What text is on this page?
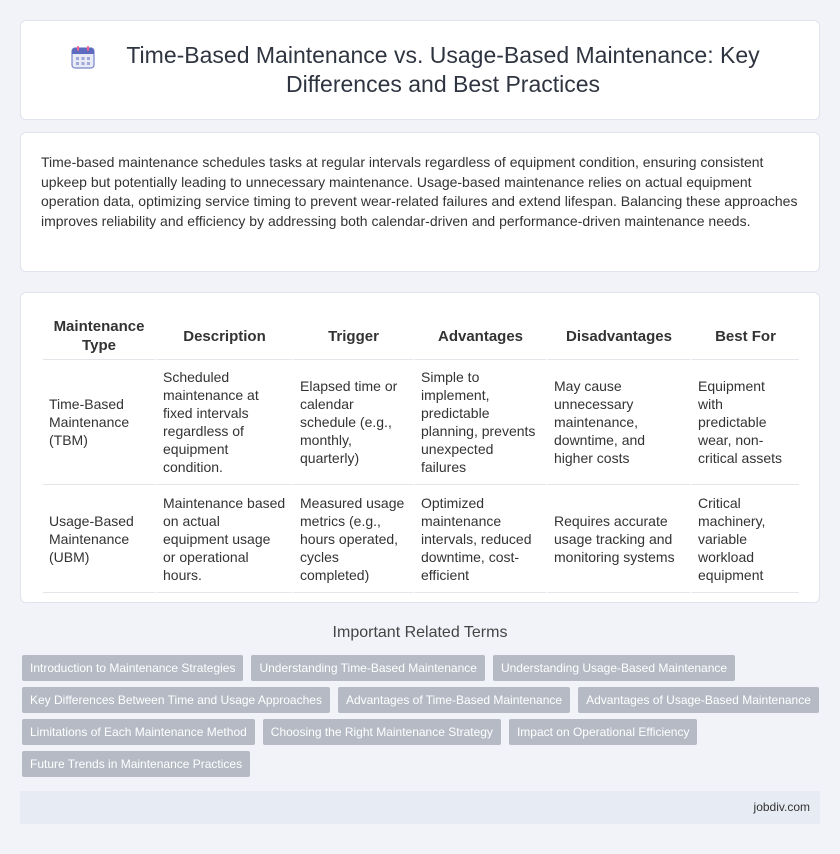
Time-Based Maintenance vs. Usage-Based Maintenance: Key Differences and Best Practices

Time-based maintenance schedules tasks at regular intervals regardless of equipment condition, ensuring consistent upkeep but potentially leading to unnecessary maintenance. Usage-based maintenance relies on actual equipment operation data, optimizing service timing to prevent wear-related failures and extend lifespan. Balancing these approaches improves reliability and efficiency by addressing both calendar-driven and performance-driven maintenance needs.

Maintenance Type	Description	Trigger	Advantages	Disadvantages	Best For
Time-Based Maintenance (TBM)	Scheduled maintenance at fixed intervals regardless of equipment condition.	Elapsed time or calendar schedule (e.g., monthly, quarterly)	Simple to implement, predictable planning, prevents unexpected failures	May cause unnecessary maintenance, downtime, and higher costs	Equipment with predictable wear, non-critical assets
Usage-Based Maintenance (UBM)	Maintenance based on actual equipment usage or operational hours.	Measured usage metrics (e.g., hours operated, cycles completed)	Optimized maintenance intervals, reduced downtime, cost-efficient	Requires accurate usage tracking and monitoring systems	Critical machinery, variable workload equipment
Important Related Terms
Introduction to Maintenance Strategies	Understanding Time-Based Maintenance	Understanding Usage-Based Maintenance
Key Differences Between Time and Usage Approaches	Advantages of Time-Based Maintenance	Advantages of Usage-Based Maintenance
Limitations of Each Maintenance Method	Choosing the Right Maintenance Strategy	Impact on Operational Efficiency
Future Trends in Maintenance Practices
jobdiv.com
